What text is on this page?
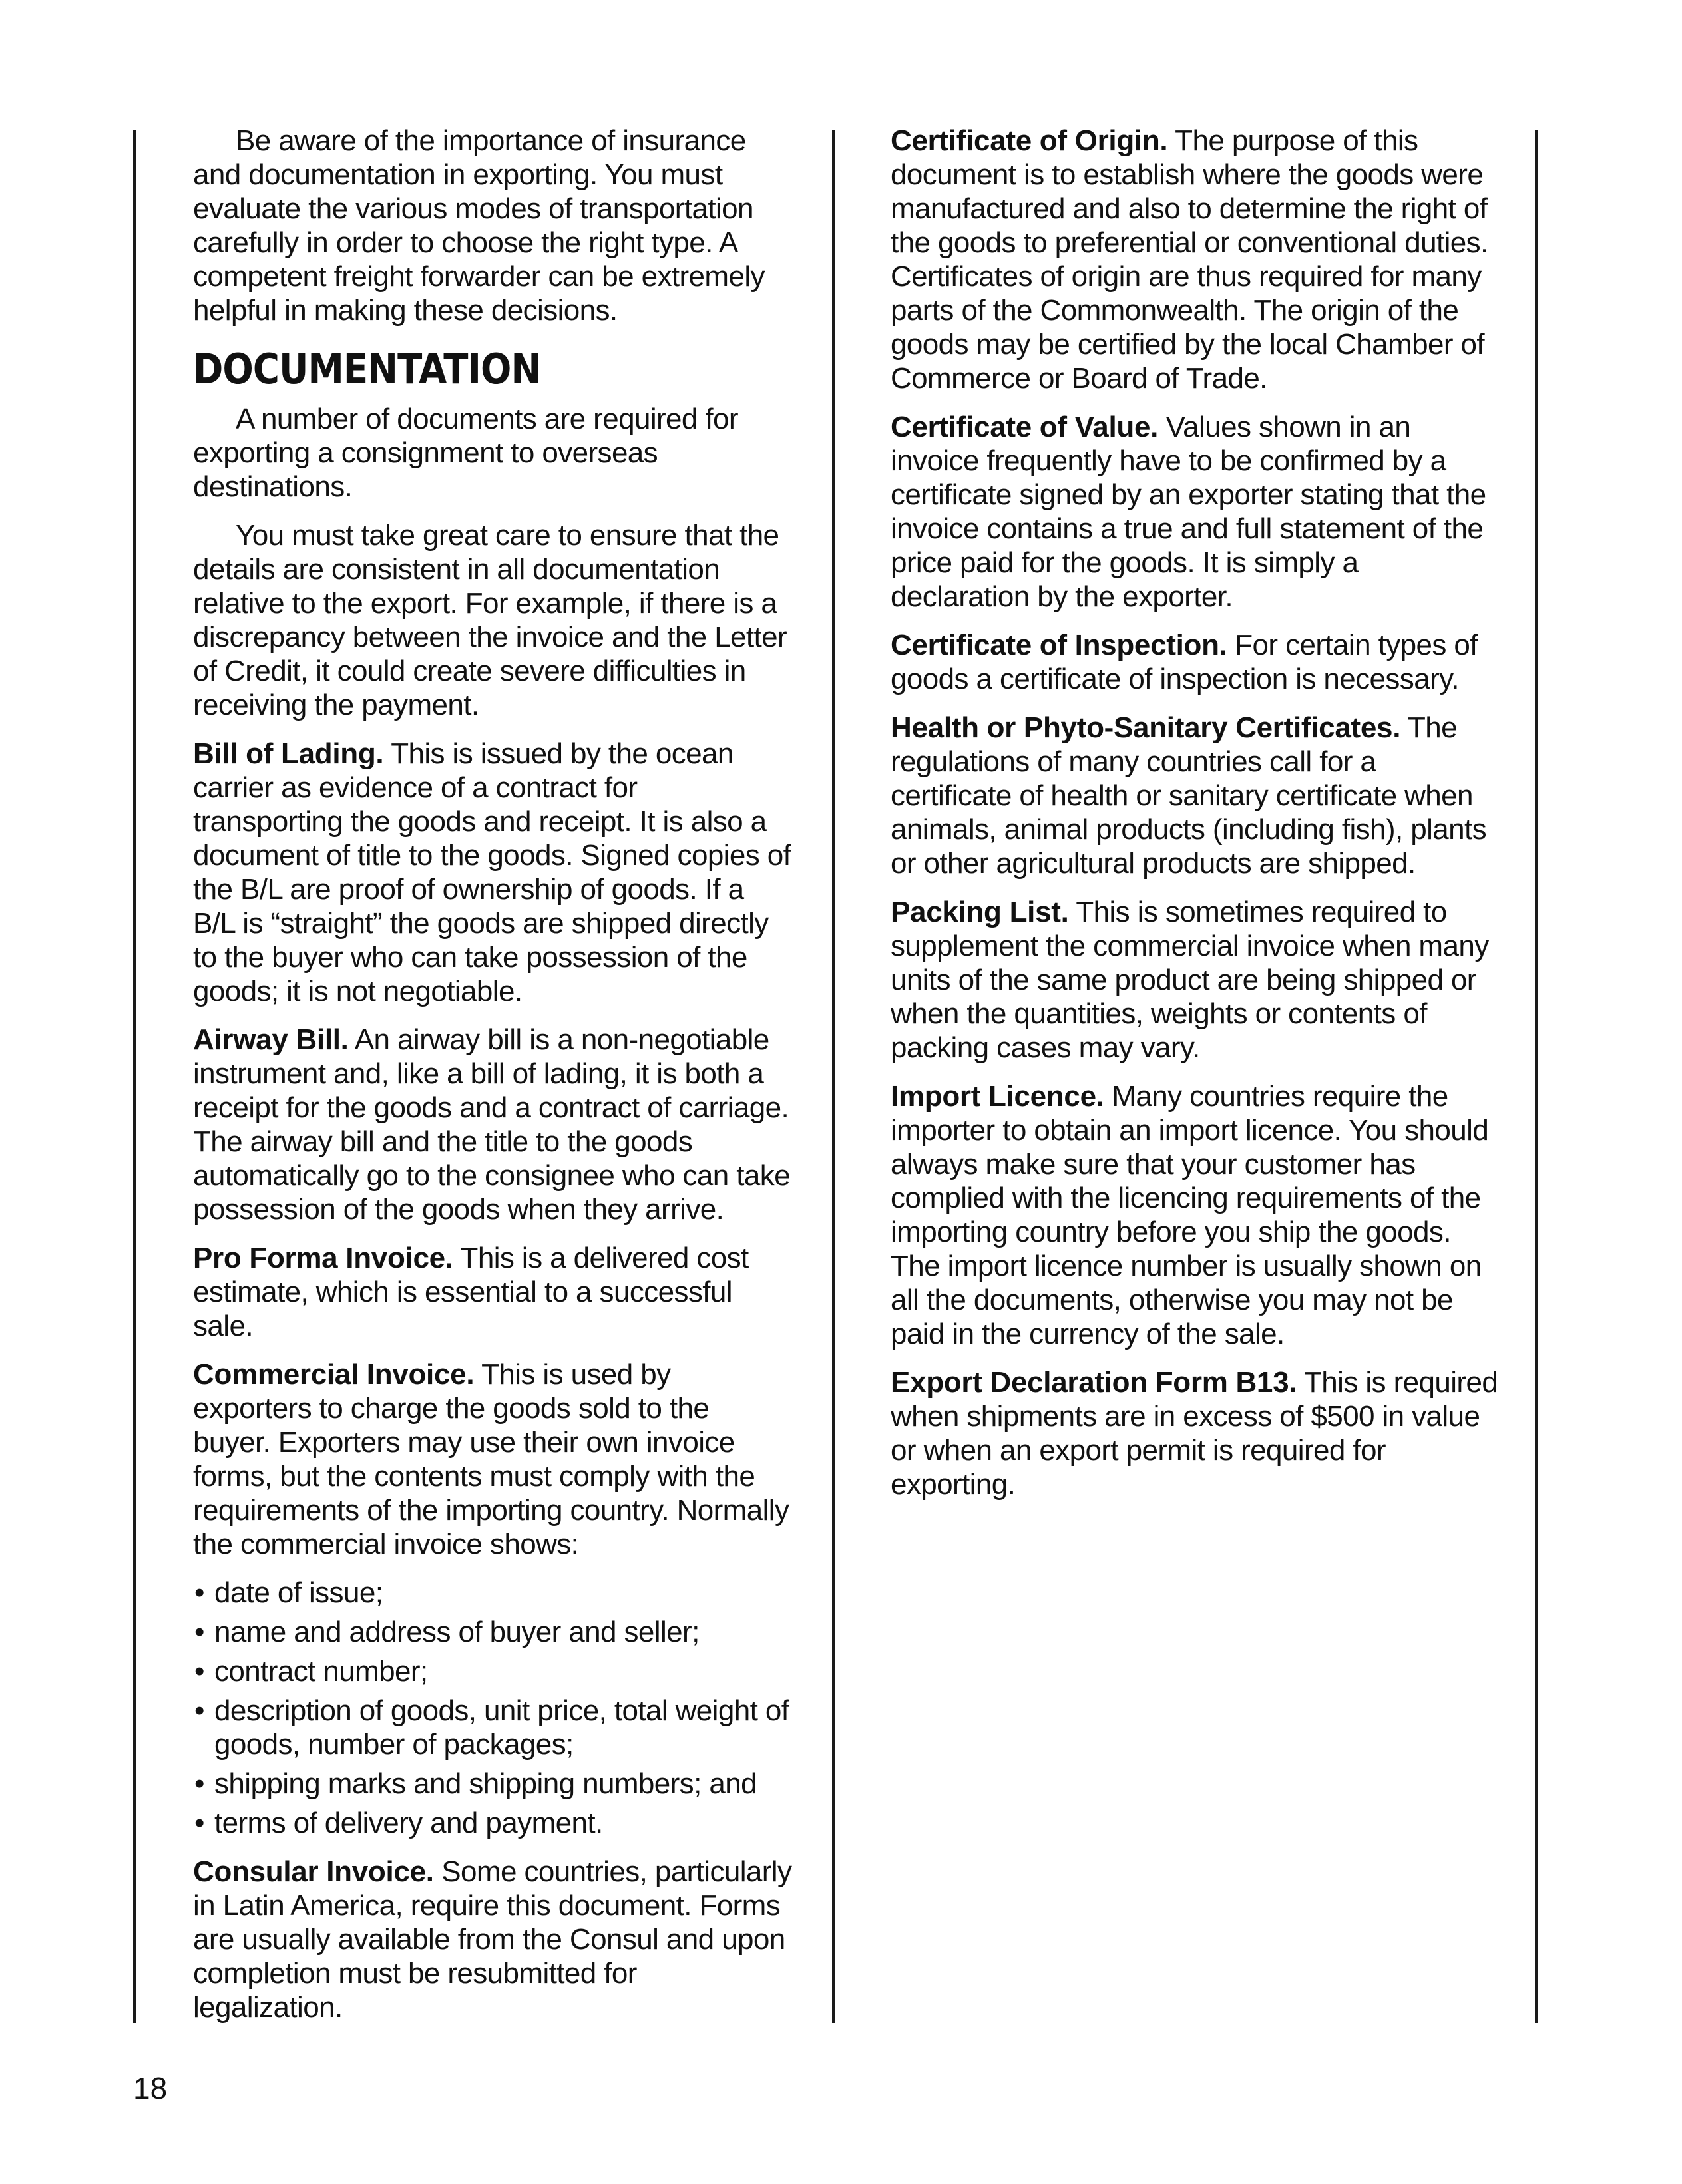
Be aware of the importance of insurance and documentation in exporting. You must evaluate the various modes of transportation carefully in order to choose the right type. A competent freight forwarder can be extremely helpful in making these decisions.

DOCUMENTATION

A number of documents are required for exporting a consignment to overseas destinations.

You must take great care to ensure that the details are consistent in all documentation relative to the export. For example, if there is a discrepancy between the invoice and the Letter of Credit, it could create severe difficulties in receiving the payment.

Bill of Lading. This is issued by the ocean carrier as evidence of a contract for transporting the goods and receipt. It is also a document of title to the goods. Signed copies of the B/L are proof of ownership of goods. If a B/L is “straight” the goods are shipped directly to the buyer who can take possession of the goods; it is not negotiable.

Airway Bill. An airway bill is a non-negotiable instrument and, like a bill of lading, it is both a receipt for the goods and a contract of carriage. The airway bill and the title to the goods automatically go to the consignee who can take possession of the goods when they arrive.

Pro Forma Invoice. This is a delivered cost estimate, which is essential to a successful sale.

Commercial Invoice. This is used by exporters to charge the goods sold to the buyer. Exporters may use their own invoice forms, but the contents must comply with the requirements of the importing country. Normally the commercial invoice shows:

• date of issue;
• name and address of buyer and seller;
• contract number;
• description of goods, unit price, total weight of goods, number of packages;
• shipping marks and shipping numbers; and
• terms of delivery and payment.

Consular Invoice. Some countries, particularly in Latin America, require this document. Forms are usually available from the Consul and upon completion must be resubmitted for legalization.

Certificate of Origin. The purpose of this document is to establish where the goods were manufactured and also to determine the right of the goods to preferential or conventional duties. Certificates of origin are thus required for many parts of the Commonwealth. The origin of the goods may be certified by the local Chamber of Commerce or Board of Trade.

Certificate of Value. Values shown in an invoice frequently have to be confirmed by a certificate signed by an exporter stating that the invoice contains a true and full statement of the price paid for the goods. It is simply a declaration by the exporter.

Certificate of Inspection. For certain types of goods a certificate of inspection is necessary.

Health or Phyto-Sanitary Certificates. The regulations of many countries call for a certificate of health or sanitary certificate when animals, animal products (including fish), plants or other agricultural products are shipped.

Packing List. This is sometimes required to supplement the commercial invoice when many units of the same product are being shipped or when the quantities, weights or contents of packing cases may vary.

Import Licence. Many countries require the importer to obtain an import licence. You should always make sure that your customer has complied with the licencing requirements of the importing country before you ship the goods. The import licence number is usually shown on all the documents, otherwise you may not be paid in the currency of the sale.

Export Declaration Form B13. This is required when shipments are in excess of $500 in value or when an export permit is required for exporting.

18
